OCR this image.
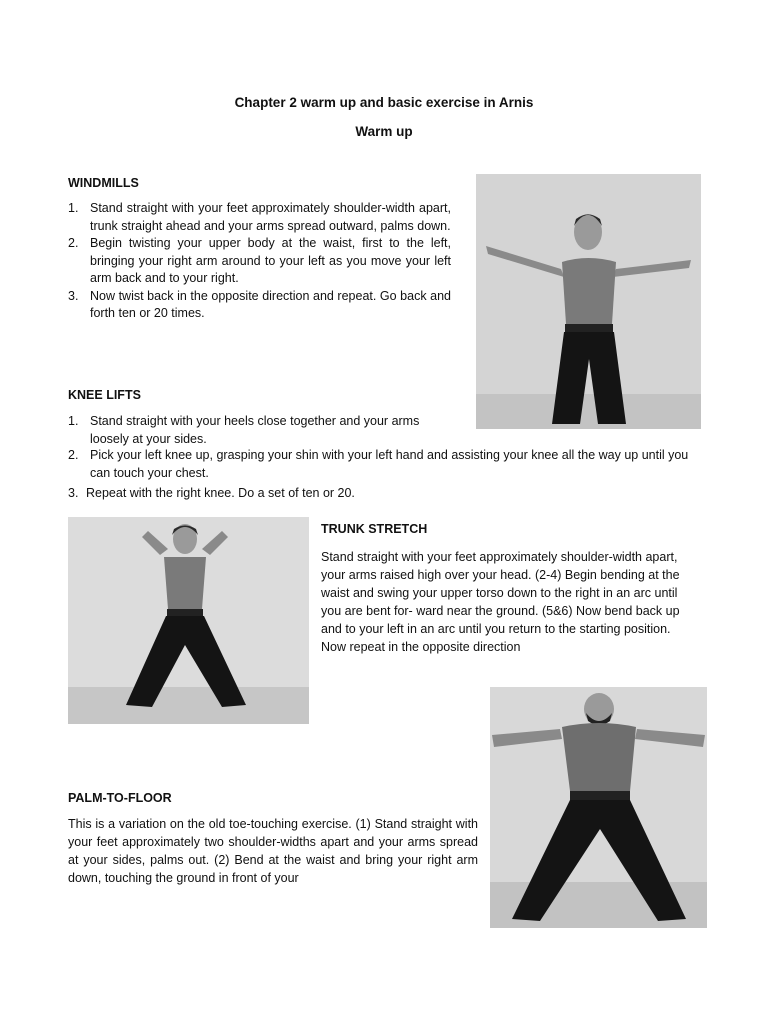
Chapter 2 warm up and basic exercise in Arnis
Warm up
WINDMILLS
1. Stand straight with your feet approximately shoulder-width apart, trunk straight ahead and your arms spread outward, palms down.
2. Begin twisting your upper body at the waist, first to the left, bringing your right arm around to your left as you move your left arm back and to your right.
3. Now twist back in the opposite direction and repeat. Go back and forth ten or 20 times.
KNEE LIFTS
1. Stand straight with your heels close together and your arms loosely at your sides.
2. Pick your left knee up, grasping your shin with your left hand and assisting your knee all the way up until you can touch your chest.
3. Repeat with the right knee. Do a set of ten or 20.
TRUNK STRETCH
Stand straight with your feet approximately shoulder-width apart, your arms raised high over your head. (2-4) Begin bending at the waist and swing your upper torso down to the right in an arc until you are bent for- ward near the ground. (5&6) Now bend back up and to your left in an arc until you return to the starting position. Now repeat in the opposite direction
PALM-TO-FLOOR
This is a variation on the old toe-touching exercise. (1) Stand straight with your feet approximately two shoulder-widths apart and your arms spread at your sides, palms out. (2) Bend at the waist and bring your right arm down, touching the ground in front of your
